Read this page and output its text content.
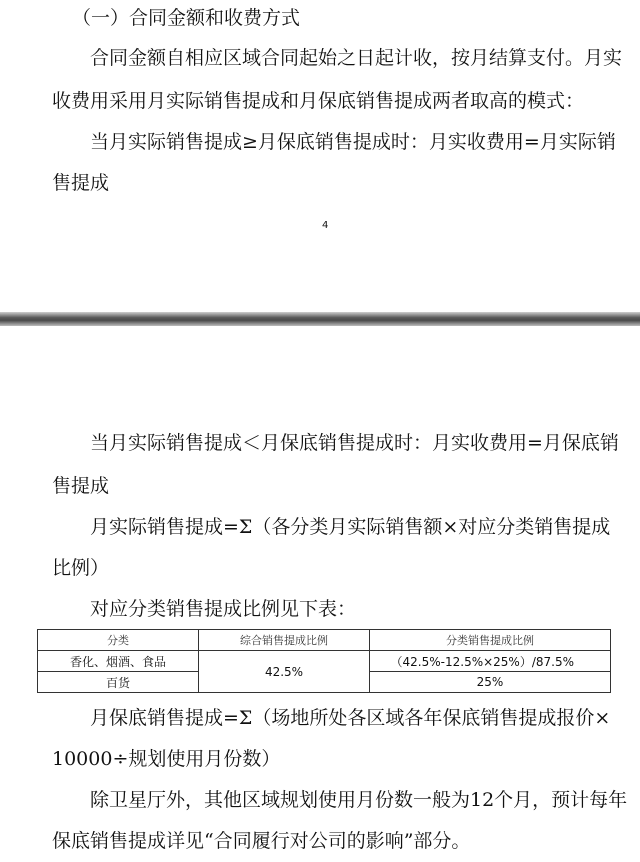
（一）合同金额和收费方式
合同金额自相应区域合同起始之日起计收，按月结算支付。月实
收费用采用月实际销售提成和月保底销售提成两者取高的模式：
当月实际销售提成≥月保底销售提成时：月实收费用=月实际销
售提成
4
当月实际销售提成＜月保底销售提成时：月实收费用=月保底销
售提成
月实际销售提成=Σ（各分类月实际销售额×对应分类销售提成
比例）
对应分类销售提成比例见下表：
分类	综合销售提成比例	分类销售提成比例
香化、烟酒、食品	42.5%	（42.5%-12.5%×25%）/87.5%
百货		25%
月保底销售提成=Σ（场地所处各区域各年保底销售提成报价×
10000÷规划使用月份数）
除卫星厅外，其他区域规划使用月份数一般为12个月，预计每年
保底销售提成详见“合同履行对公司的影响”部分。
